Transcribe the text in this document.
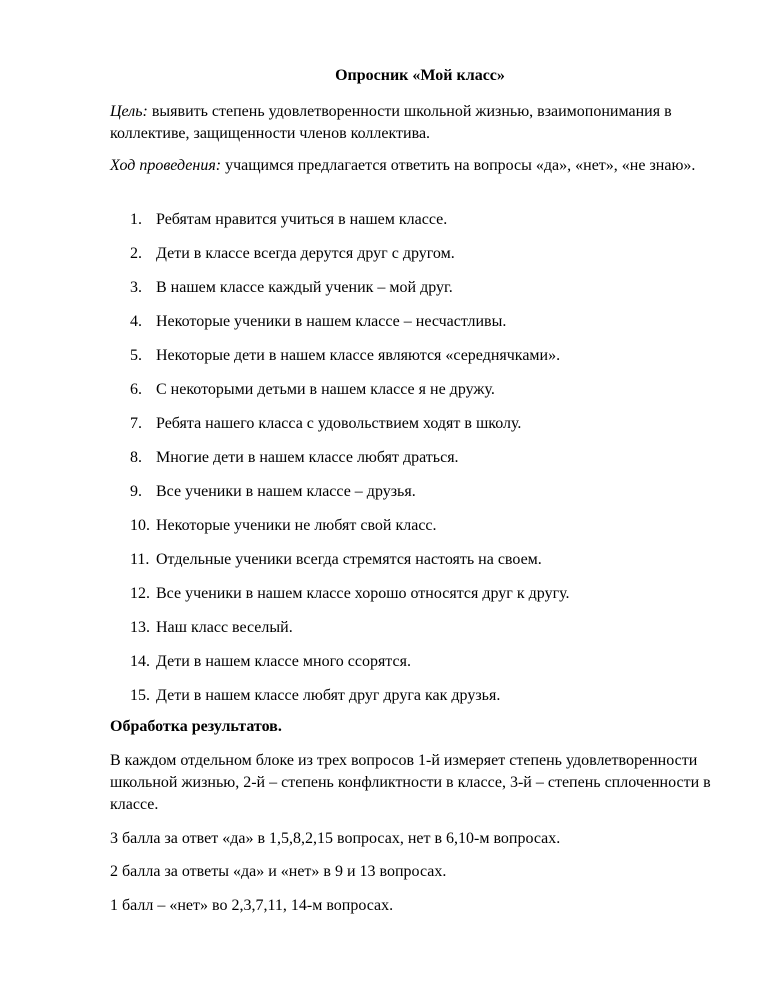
Опросник «Мой класс»
Цель: выявить степень удовлетворенности школьной жизнью, взаимопонимания в коллективе, защищенности членов коллектива.
Ход проведения: учащимся предлагается ответить на вопросы «да», «нет», «не знаю».
1. Ребятам нравится учиться в нашем классе.
2. Дети в классе всегда дерутся друг с другом.
3. В нашем классе каждый ученик – мой друг.
4. Некоторые ученики в нашем классе – несчастливы.
5. Некоторые дети в нашем классе являются «середнячками».
6. С некоторыми детьми в нашем классе я не дружу.
7. Ребята нашего класса с удовольствием ходят в школу.
8. Многие дети в нашем классе любят драться.
9. Все ученики в нашем классе – друзья.
10. Некоторые ученики не любят свой класс.
11. Отдельные ученики всегда стремятся настоять на своем.
12. Все ученики в нашем классе хорошо относятся друг к другу.
13. Наш класс веселый.
14. Дети в нашем классе много ссорятся.
15. Дети в нашем классе любят друг друга как друзья.
Обработка результатов.
В каждом отдельном блоке из трех вопросов 1-й измеряет степень удовлетворенности школьной жизнью, 2-й – степень конфликтности в классе, 3-й – степень сплоченности в классе.
3 балла за ответ «да» в 1,5,8,2,15 вопросах, нет в 6,10-м вопросах.
2 балла за ответы «да» и «нет» в 9 и 13 вопросах.
1 балл – «нет» во 2,3,7,11, 14-м вопросах.
